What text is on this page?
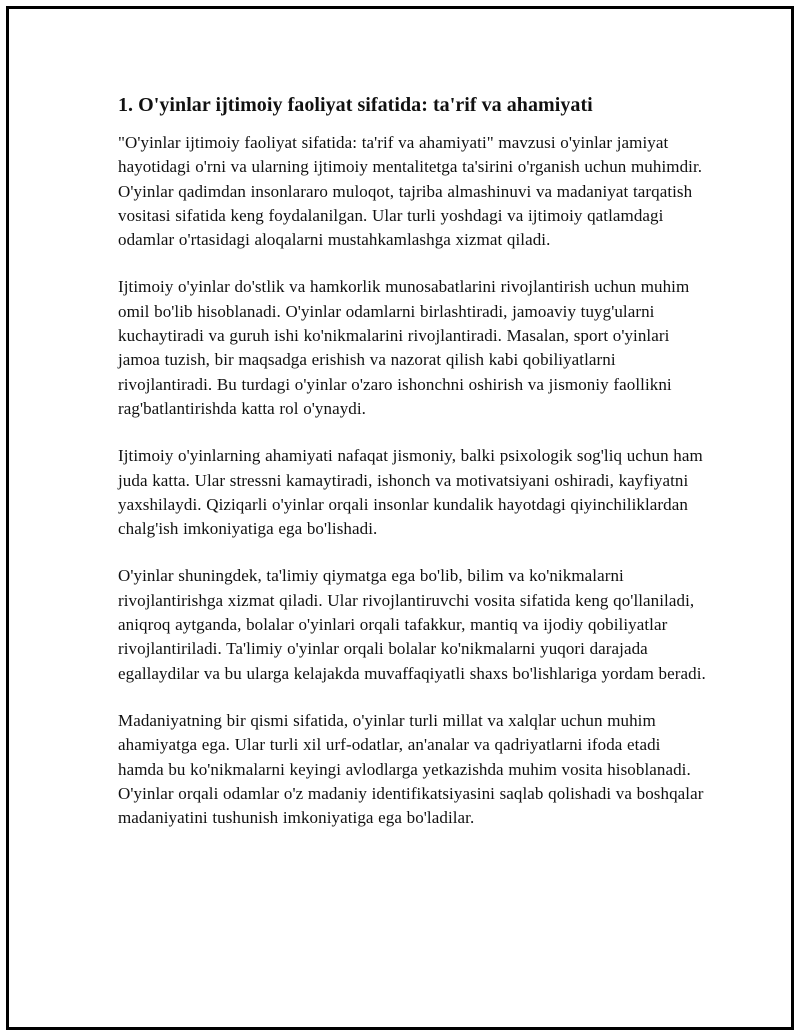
1. O'yinlar ijtimoiy faoliyat sifatida: ta'rif va ahamiyati

"O'yinlar ijtimoiy faoliyat sifatida: ta'rif va ahamiyati" mavzusi o'yinlar jamiyat hayotidagi o'rni va ularning ijtimoiy mentalitetga ta'sirini o'rganish uchun muhimdir. O'yinlar qadimdan insonlararo muloqot, tajriba almashinuvi va madaniyat tarqatish vositasi sifatida keng foydalanilgan. Ular turli yoshdagi va ijtimoiy qatlamdagi odamlar o'rtasidagi aloqalarni mustahkamlashga xizmat qiladi.

Ijtimoiy o'yinlar do'stlik va hamkorlik munosabatlarini rivojlantirish uchun muhim omil bo'lib hisoblanadi. O'yinlar odamlarni birlashtiradi, jamoaviy tuyg'ularni kuchaytiradi va guruh ishi ko'nikmalarini rivojlantiradi. Masalan, sport o'yinlari jamoa tuzish, bir maqsadga erishish va nazorat qilish kabi qobiliyatlarni rivojlantiradi. Bu turdagi o'yinlar o'zaro ishonchni oshirish va jismoniy faollikni rag'batlantirishda katta rol o'ynaydi.

Ijtimoiy o'yinlarning ahamiyati nafaqat jismoniy, balki psixologik sog'liq uchun ham juda katta. Ular stressni kamaytiradi, ishonch va motivatsiyani oshiradi, kayfiyatni yaxshilaydi. Qiziqarli o'yinlar orqali insonlar kundalik hayotdagi qiyinchiliklardan chalg'ish imkoniyatiga ega bo'lishadi.

O'yinlar shuningdek, ta'limiy qiymatga ega bo'lib, bilim va ko'nikmalarni rivojlantirishga xizmat qiladi. Ular rivojlantiruvchi vosita sifatida keng qo'llaniladi, aniqroq aytganda, bolalar o'yinlari orqali tafakkur, mantiq va ijodiy qobiliyatlar rivojlantiriladi. Ta'limiy o'yinlar orqali bolalar ko'nikmalarni yuqori darajada egallaydilar va bu ularga kelajakda muvaffaqiyatli shaxs bo'lishlariga yordam beradi.

Madaniyatning bir qismi sifatida, o'yinlar turli millat va xalqlar uchun muhim ahamiyatga ega. Ular turli xil urf-odatlar, an'analar va qadriyatlarni ifoda etadi hamda bu ko'nikmalarni keyingi avlodlarga yetkazishda muhim vosita hisoblanadi. O'yinlar orqali odamlar o'z madaniy identifikatsiyasini saqlab qolishadi va boshqalar madaniyatini tushunish imkoniyatiga ega bo'ladilar.
